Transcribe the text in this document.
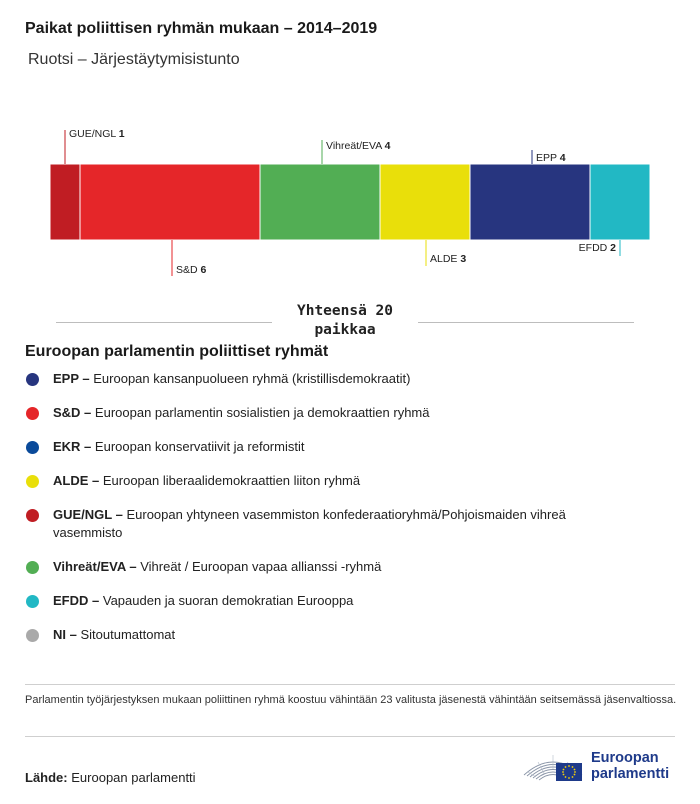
Paikat poliittisen ryhmän mukaan – 2014–2019
Ruotsi – Järjestäytymisistunto
GUE/NGL 1
S&D 6
Vihreät/EVA 4
ALDE 3
EPP 4
EFDD 2
Yhteensä 20
paikkaa
Euroopan parlamentin poliittiset ryhmät
EPP – Euroopan kansanpuolueen ryhmä (kristillisdemokraatit)
S&D – Euroopan parlamentin sosialistien ja demokraattien ryhmä
EKR – Euroopan konservatiivit ja reformistit
ALDE – Euroopan liberaalidemokraattien liiton ryhmä
GUE/NGL – Euroopan yhtyneen vasemmiston konfederaatioryhmä/Pohjoismaiden vihreä vasemmisto
Vihreät/EVA – Vihreät / Euroopan vapaa allianssi -ryhmä
EFDD – Vapauden ja suoran demokratian Eurooppa
NI – Sitoutumattomat
Parlamentin työjärjestyksen mukaan poliittinen ryhmä koostuu vähintään 23 valitusta jäsenestä vähintään seitsemässä jäsenvaltiossa.
Lähde: Euroopan parlamentti
Euroopan
parlamentti
